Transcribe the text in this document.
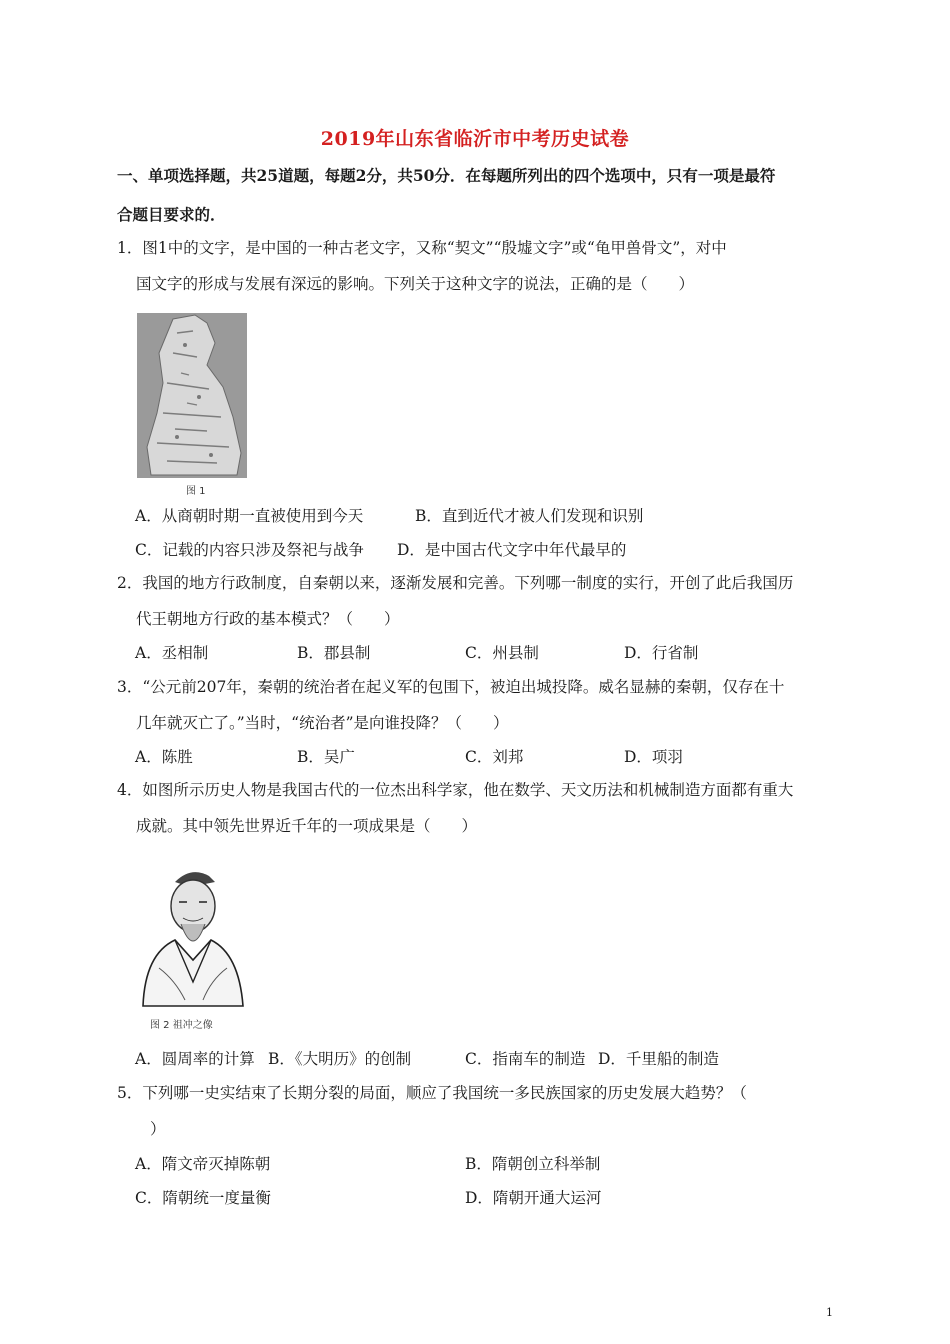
2019年山东省临沂市中考历史试卷
一、单项选择题，共25道题，每题2分，共50分．在每题所列出的四个选项中，只有一项是最符
合题目要求的．
1．图1中的文字，是中国的一种古老文字，又称“契文”“殷墟文字”或“龟甲兽骨文”，对中
国文字的形成与发展有深远的影响。下列关于这种文字的说法，正确的是（　　）
图 1
A．从商朝时期一直被使用到今天	B．直到近代才被人们发现和识别
C．记载的内容只涉及祭祀与战争 D．是中国古代文字中年代最早的
2．我国的地方行政制度，自秦朝以来，逐渐发展和完善。下列哪一制度的实行，开创了此后我国历
代王朝地方行政的基本模式？（　　）
A．丞相制	B．郡县制	C．州县制	D．行省制
3．“公元前207年，秦朝的统治者在起义军的包围下，被迫出城投降。威名显赫的秦朝，仅存在十
几年就灭亡了。”当时，“统治者”是向谁投降？（　　）
A．陈胜	B．吴广	C．刘邦	D．项羽
4．如图所示历史人物是我国古代的一位杰出科学家，他在数学、天文历法和机械制造方面都有重大
成就。其中领先世界近千年的一项成果是（　　）
图 2 祖冲之像
A．圆周率的计算 B．《大明历》的创制	C．指南车的制造 D．千里船的制造
5．下列哪一史实结束了长期分裂的局面，顺应了我国统一多民族国家的历史发展大趋势？（
）
A．隋文帝灭掉陈朝	B．隋朝创立科举制
C．隋朝统一度量衡	D．隋朝开通大运河
1
